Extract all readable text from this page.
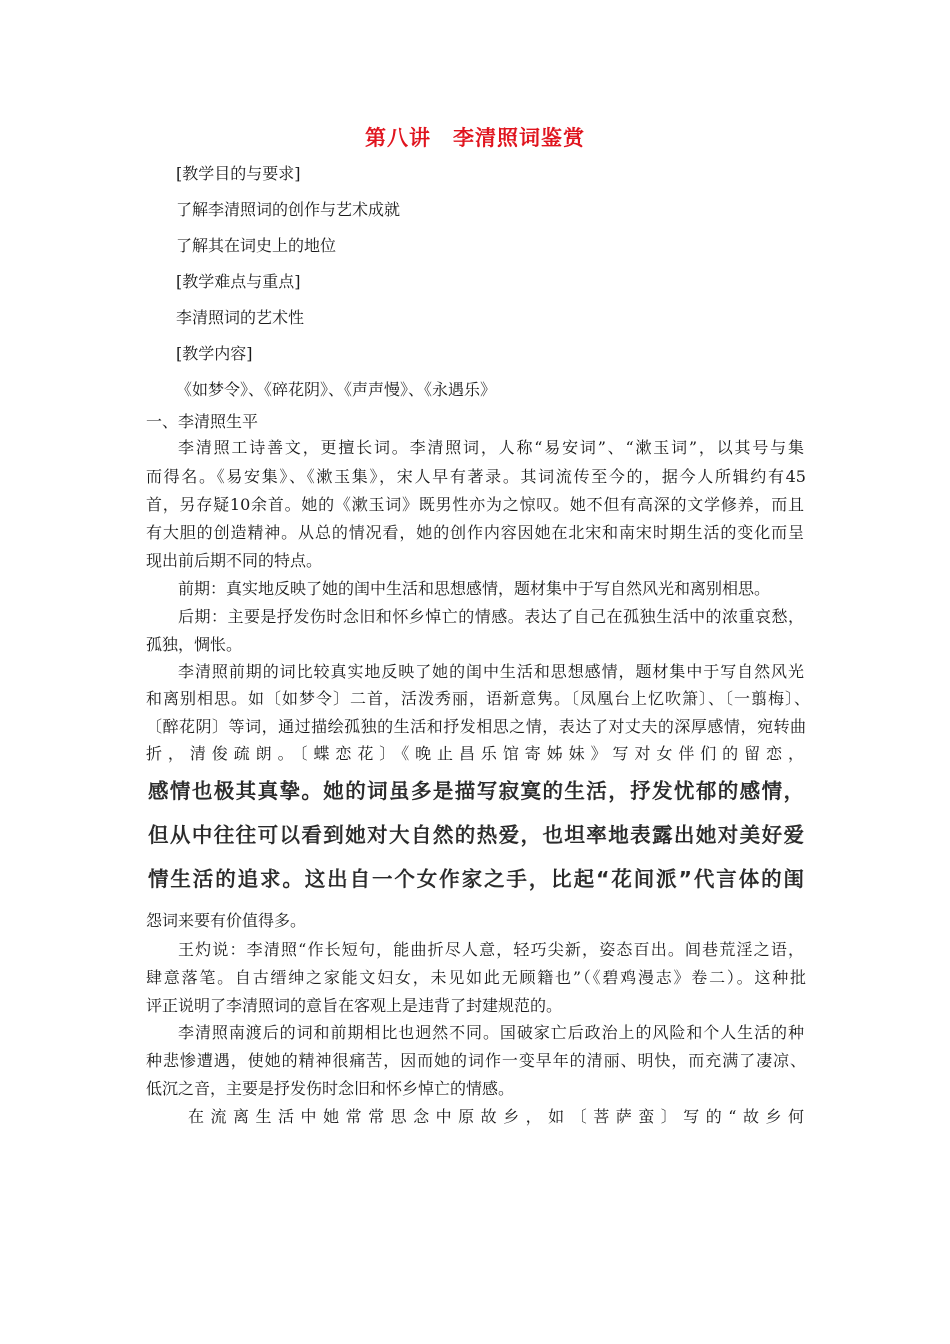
第八讲　李清照词鉴赏
[教学目的与要求]
了解李清照词的创作与艺术成就
了解其在词史上的地位
[教学难点与重点]
李清照词的艺术性
[教学内容]
《如梦令》、《碎花阴》、《声声慢》、《永遇乐》
一、李清照生平
李清照工诗善文，更擅长词。李清照词，人称“易安词”、“漱玉词”，以其号与集
而得名。《易安集》、《漱玉集》，宋人早有著录。其词流传至今的，据今人所辑约有45
首，另存疑10余首。她的《漱玉词》既男性亦为之惊叹。她不但有高深的文学修养，而且
有大胆的创造精神。从总的情况看，她的创作内容因她在北宋和南宋时期生活的变化而呈
现出前后期不同的特点。
前期：真实地反映了她的闺中生活和思想感情，题材集中于写自然风光和离别相思。
后期：主要是抒发伤时念旧和怀乡悼亡的情感。表达了自己在孤独生活中的浓重哀愁，
孤独，惆怅。
李清照前期的词比较真实地反映了她的闺中生活和思想感情，题材集中于写自然风光
和离别相思。如〔如梦令〕二首，活泼秀丽，语新意隽。〔凤凰台上忆吹箫〕、〔一翦梅〕、
〔醉花阴〕等词，通过描绘孤独的生活和抒发相思之情，表达了对丈夫的深厚感情，宛转曲
折，清俊疏朗。〔蝶恋花〕《晚止昌乐馆寄姊妹》写对女伴们的留恋，
感情也极其真挚。她的词虽多是描写寂寞的生活，抒发忧郁的感情，
但从中往往可以看到她对大自然的热爱，也坦率地表露出她对美好爱
情生活的追求。这出自一个女作家之手，比起“花间派”代言体的闺
怨词来要有价值得多。
王灼说：李清照“作长短句，能曲折尽人意，轻巧尖新，姿态百出。闾巷荒淫之语，
肆意落笔。自古缙绅之家能文妇女，未见如此无顾籍也”（《碧鸡漫志》卷二）。这种批
评正说明了李清照词的意旨在客观上是违背了封建规范的。
李清照南渡后的词和前期相比也迥然不同。国破家亡后政治上的风险和个人生活的种
种悲惨遭遇，使她的精神很痛苦，因而她的词作一变早年的清丽、明快，而充满了凄凉、
低沉之音，主要是抒发伤时念旧和怀乡悼亡的情感。
在流离生活中她常常思念中原故乡，如〔菩萨蛮〕写的“故乡何
